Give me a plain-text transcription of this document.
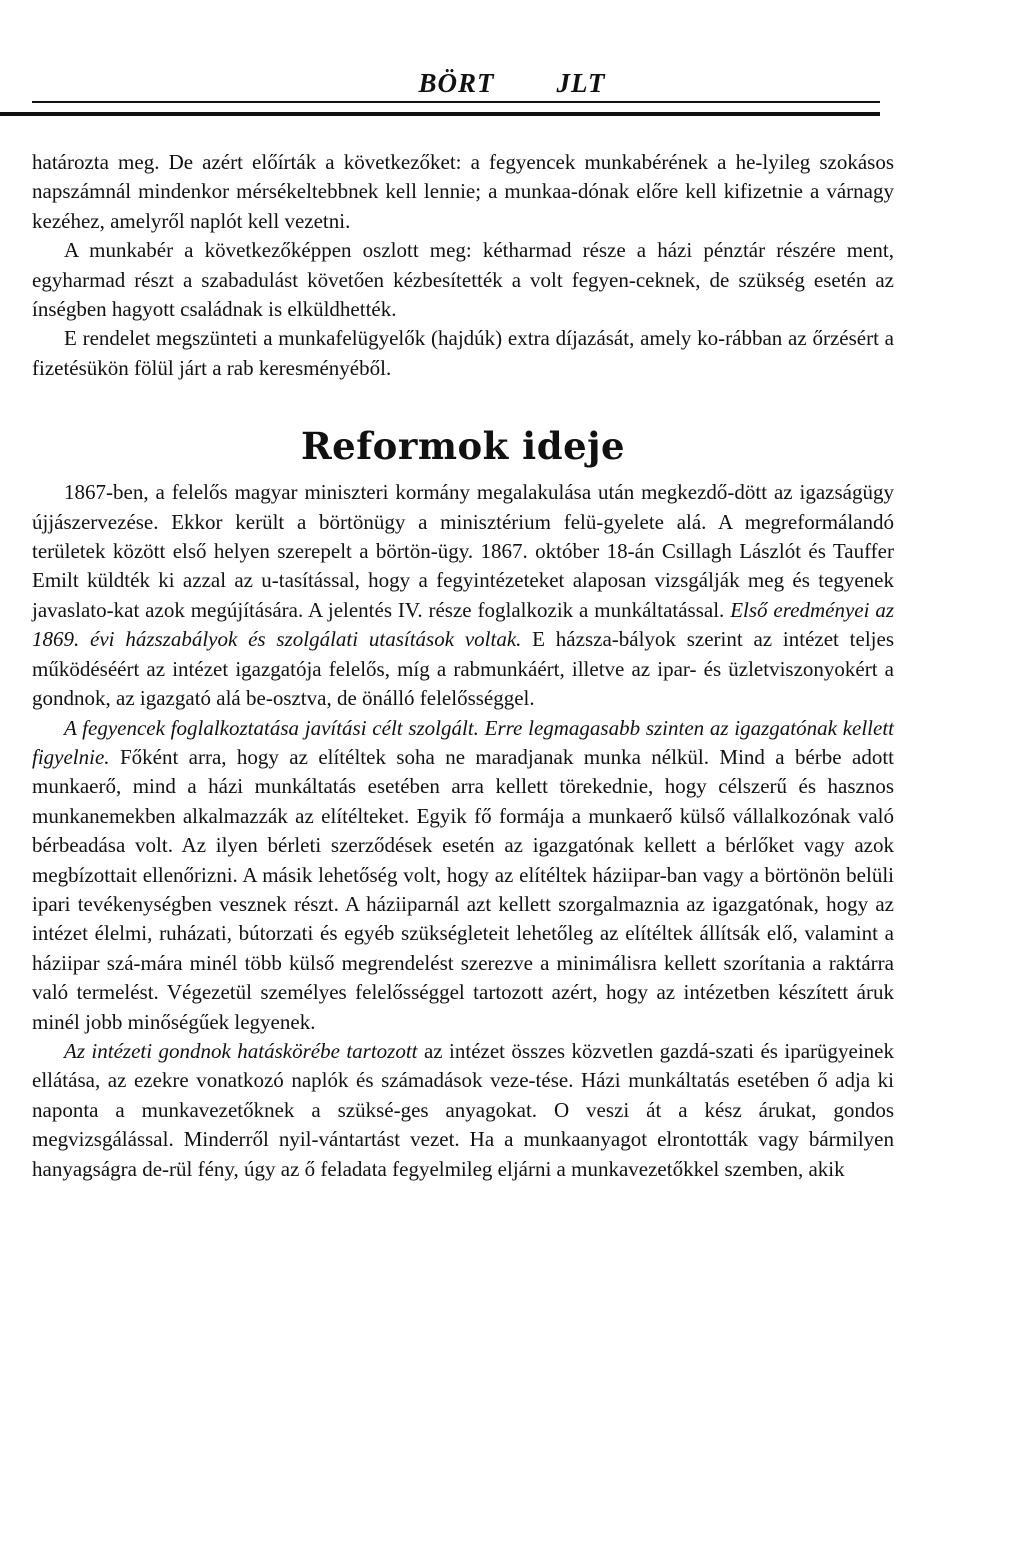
BÖRT        JLT

határozta meg. De azért előírták a következőket: a fegyencek munkabérének a he-lyileg szokásos napszámnál mindenkor mérsékeltebbnek kell lennie; a munkaa-dónak előre kell kifizetnie a várnagy kezéhez, amelyről naplót kell vezetni.

A munkabér a következőképpen oszlott meg: kétharmad része a házi pénztár részére ment, egyharmad részt a szabadulást követően kézbesítették a volt fegyen-ceknek, de szükség esetén az ínségben hagyott családnak is elküldhették.

E rendelet megszünteti a munkafelügyelők (hajdúk) extra díjazását, amely ko-rábban az őrzésért a fizetésükön fölül járt a rab keresményéből.

Reformok ideje

1867-ben, a felelős magyar miniszteri kormány megalakulása után megkezdő-dött az igazságügy újjászervezése. Ekkor került a börtönügy a minisztérium felü-gyelete alá. A megreformálandó területek között első helyen szerepelt a börtön-ügy. 1867. október 18-án Csillagh Lászlót és Tauffer Emilt küldték ki azzal az u-tasítással, hogy a fegyintézeteket alaposan vizsgálják meg és tegyenek javaslato-kat azok megújítására. A jelentés IV. része foglalkozik a munkáltatással. Első eredményei az 1869. évi házszabályok és szolgálati utasítások voltak. E házsza-bályok szerint az intézet teljes működéséért az intézet igazgatója felelős, míg a rabmunkáért, illetve az ipar- és üzletviszonyokért a gondnok, az igazgató alá be-osztva, de önálló felelősséggel.

A fegyencek foglalkoztatása javítási célt szolgált. Erre legmagasabb szinten az igazgatónak kellett figyelnie. Főként arra, hogy az elítéltek soha ne maradjanak munka nélkül. Mind a bérbe adott munkaerő, mind a házi munkáltatás esetében arra kellett törekednie, hogy célszerű és hasznos munkanemekben alkalmazzák az elítélteket. Egyik fő formája a munkaerő külső vállalkozónak való bérbeadása volt. Az ilyen bérleti szerződések esetén az igazgatónak kellett a bérlőket vagy azok megbízottait ellenőrizni. A másik lehetőség volt, hogy az elítéltek háziipar-ban vagy a börtönön belüli ipari tevékenységben vesznek részt. A háziiparnál azt kellett szorgalmaznia az igazgatónak, hogy az intézet élelmi, ruházati, bútorzati és egyéb szükségleteit lehetőleg az elítéltek állítsák elő, valamint a háziipar szá-mára minél több külső megrendelést szerezve a minimálisra kellett szorítania a raktárra való termelést. Végezetül személyes felelősséggel tartozott azért, hogy az intézetben készített áruk minél jobb minőségűek legyenek.

Az intézeti gondnok hatáskörébe tartozott az intézet összes közvetlen gazdá-szati és iparügyeinek ellátása, az ezekre vonatkozó naplók és számadások veze-tése. Házi munkáltatás esetében ő adja ki naponta a munkavezetőknek a szüksé-ges anyagokat. O veszi át a kész árukat, gondos megvizsgálással. Minderről nyil-vántartást vezet. Ha a munkaanyagot elrontották vagy bármilyen hanyagságra de-rül fény, úgy az ő feladata fegyelmileg eljárni a munkavezetőkkel szemben, akik
